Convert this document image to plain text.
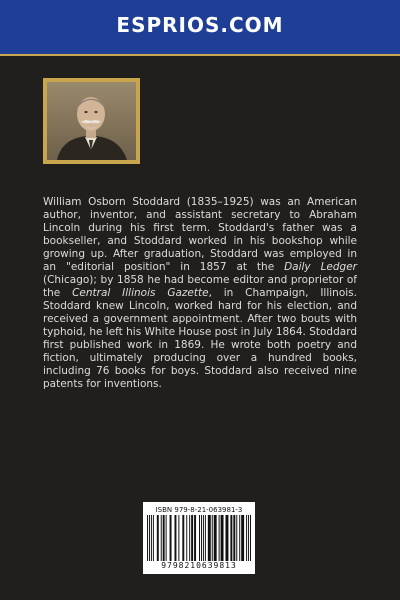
ESPRIOS.COM
William Osborn Stoddard (1835–1925) was an American author, inventor, and assistant secretary to Abraham Lincoln during his first term. Stoddard's father was a bookseller, and Stoddard worked in his bookshop while growing up. After graduation, Stoddard was employed in an "editorial position" in 1857 at the Daily Ledger (Chicago); by 1858 he had become editor and proprietor of the Central Illinois Gazette, in Champaign, Illinois. Stoddard knew Lincoln, worked hard for his election, and received a government appointment. After two bouts with typhoid, he left his White House post in July 1864. Stoddard first published work in 1869. He wrote both poetry and fiction, ultimately producing over a hundred books, including 76 books for boys. Stoddard also received nine patents for inventions.
ISBN 979-8-21-063981-3
9798210639813
